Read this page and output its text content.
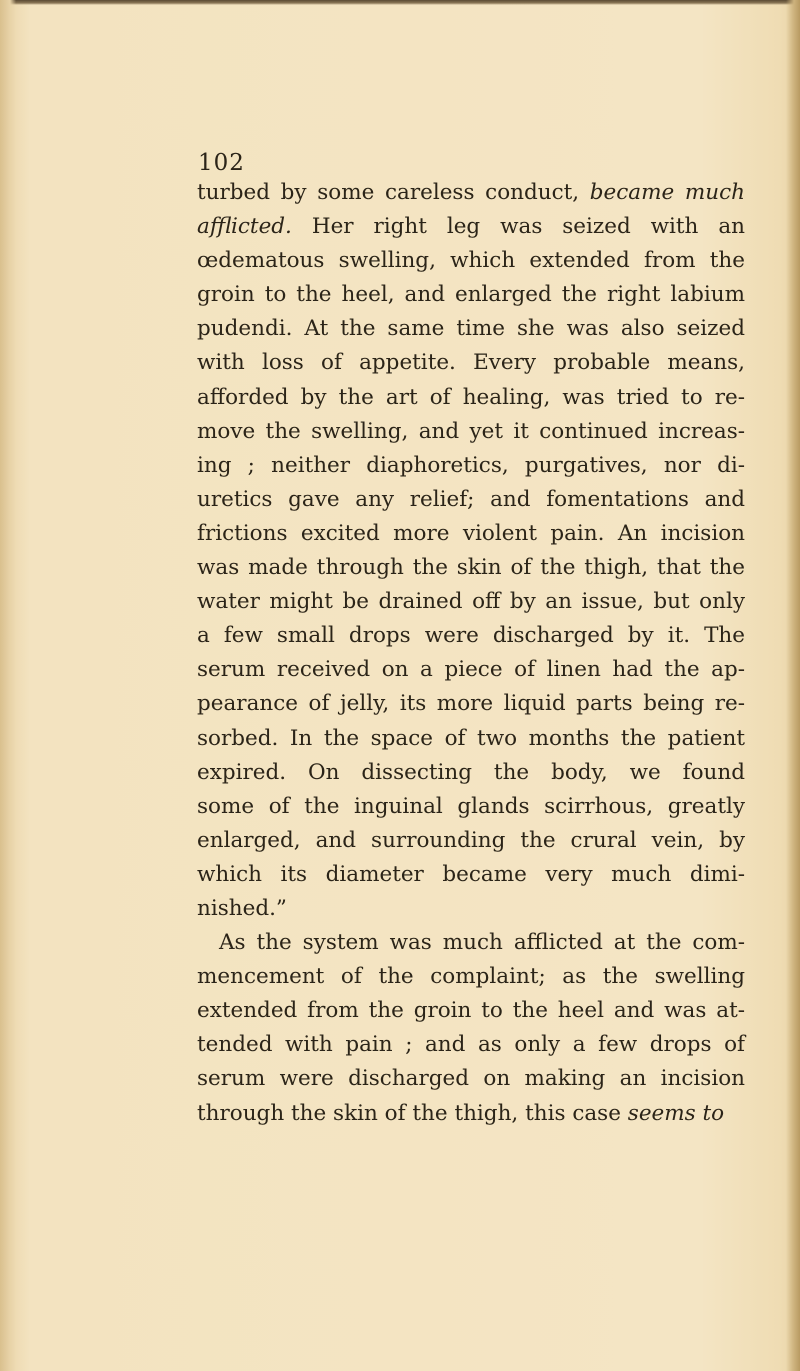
102
turbed by some careless conduct, became much
afflicted. Her right leg was seized with an
œdematous swelling, which extended from the
groin to the heel, and enlarged the right labium
pudendi. At the same time she was also seized
with loss of appetite. Every probable means,
afforded by the art of healing, was tried to re-
move the swelling, and yet it continued increas-
ing ; neither diaphoretics, purgatives, nor di-
uretics gave any relief; and fomentations and
frictions excited more violent pain. An incision
was made through the skin of the thigh, that the
water might be drained off by an issue, but only
a few small drops were discharged by it. The
serum received on a piece of linen had the ap-
pearance of jelly, its more liquid parts being re-
sorbed. In the space of two months the patient
expired. On dissecting the body, we found
some of the inguinal glands scirrhous, greatly
enlarged, and surrounding the crural vein, by
which its diameter became very much dimi-
nished.”
As the system was much afflicted at the com-
mencement of the complaint; as the swelling
extended from the groin to the heel and was at-
tended with pain ; and as only a few drops of
serum were discharged on making an incision
through the skin of the thigh, this case seems to
